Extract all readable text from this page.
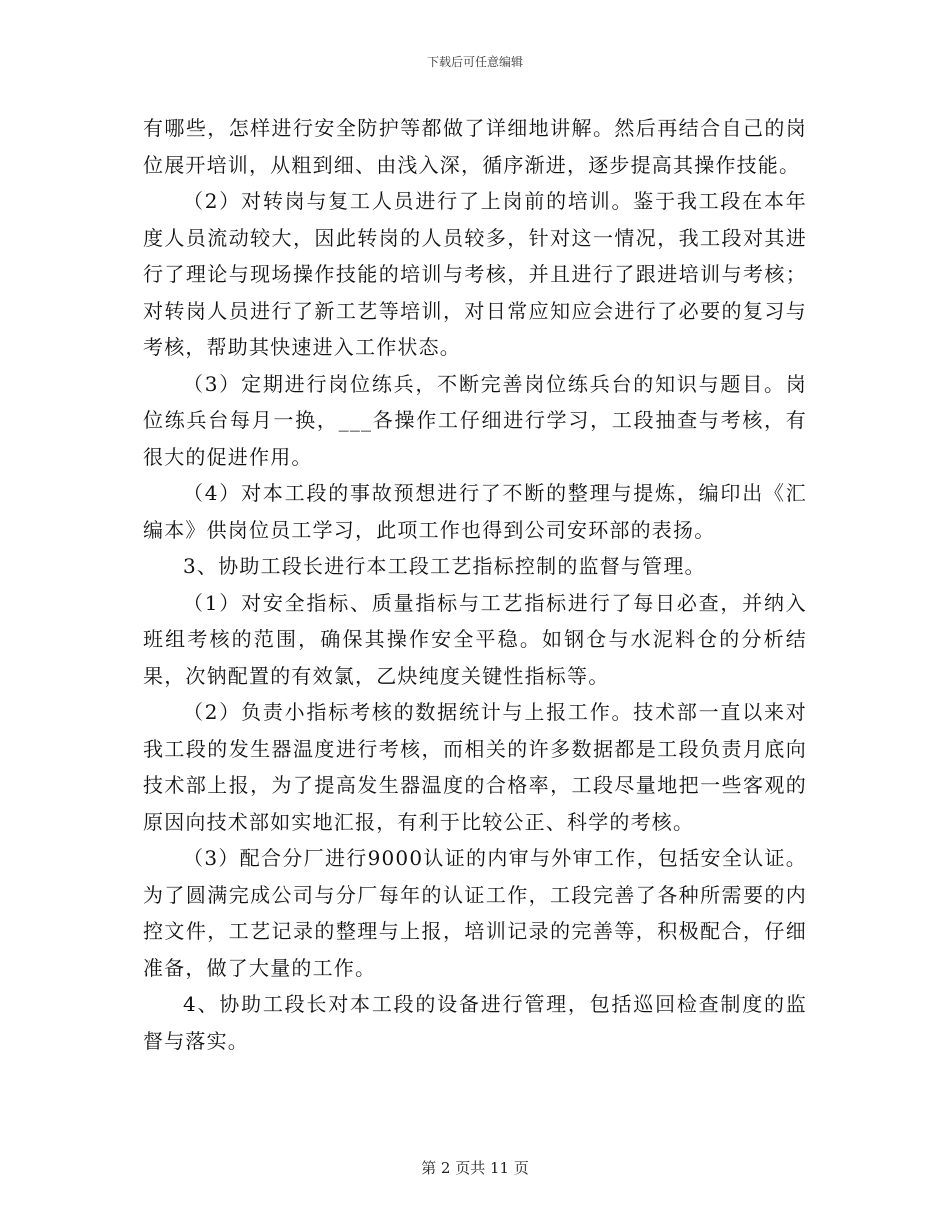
下载后可任意编辑

有哪些，怎样进行安全防护等都做了详细地讲解。然后再结合自己的岗位展开培训，从粗到细、由浅入深，循序渐进，逐步提高其操作技能。

（2）对转岗与复工人员进行了上岗前的培训。鉴于我工段在本年度人员流动较大，因此转岗的人员较多，针对这一情况，我工段对其进行了理论与现场操作技能的培训与考核，并且进行了跟进培训与考核；对转岗人员进行了新工艺等培训，对日常应知应会进行了必要的复习与考核，帮助其快速进入工作状态。

（3）定期进行岗位练兵，不断完善岗位练兵台的知识与题目。岗位练兵台每月一换，___各操作工仔细进行学习，工段抽查与考核，有很大的促进作用。

（4）对本工段的事故预想进行了不断的整理与提炼，编印出《汇编本》供岗位员工学习，此项工作也得到公司安环部的表扬。

3、协助工段长进行本工段工艺指标控制的监督与管理。

（1）对安全指标、质量指标与工艺指标进行了每日必查，并纳入班组考核的范围，确保其操作安全平稳。如钢仓与水泥料仓的分析结果，次钠配置的有效氯，乙炔纯度关键性指标等。

（2）负责小指标考核的数据统计与上报工作。技术部一直以来对我工段的发生器温度进行考核，而相关的许多数据都是工段负责月底向技术部上报，为了提高发生器温度的合格率，工段尽量地把一些客观的原因向技术部如实地汇报，有利于比较公正、科学的考核。

（3）配合分厂进行9000认证的内审与外审工作，包括安全认证。为了圆满完成公司与分厂每年的认证工作，工段完善了各种所需要的内控文件，工艺记录的整理与上报，培训记录的完善等，积极配合，仔细准备，做了大量的工作。

4、协助工段长对本工段的设备进行管理，包括巡回检查制度的监督与落实。

第 2 页共 11 页
